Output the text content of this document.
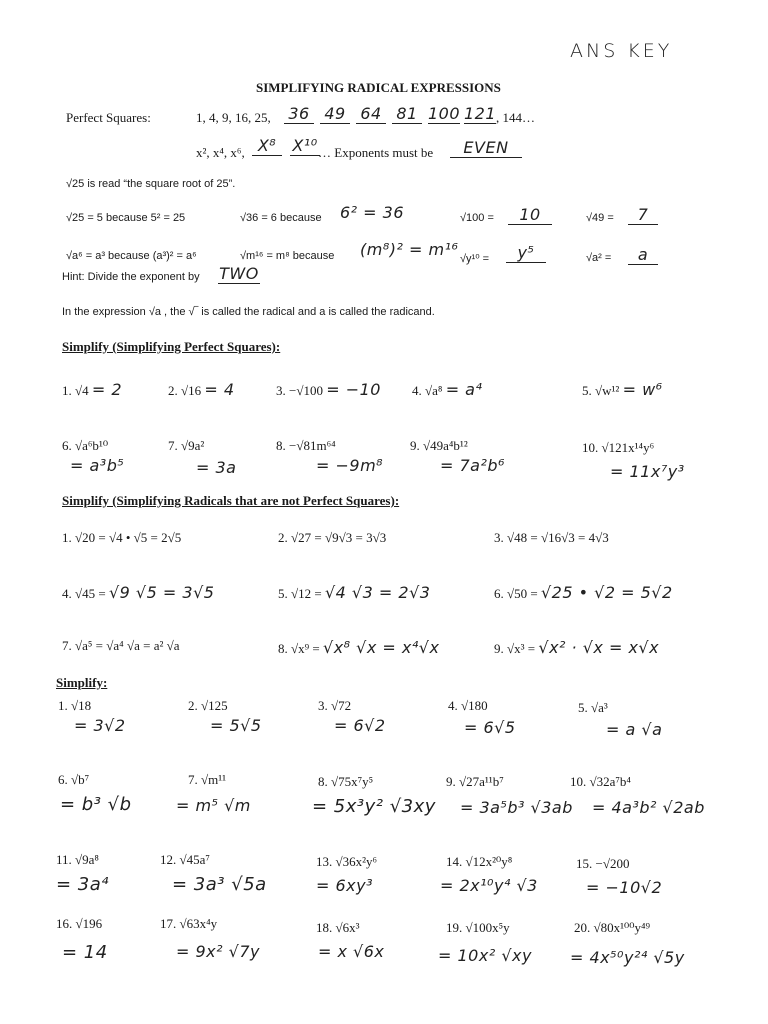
ANS KEY
SIMPLIFYING RADICAL EXPRESSIONS
Perfect Squares:	1, 4, 9, 16, 25, 36 49 64 81 100 121 , 144…
x², x⁴, x⁶, X⁸	X¹⁰ … Exponents must be	EVEN
√25 is read “the square root of 25”.
√25 = 5 because 5² = 25	√36 = 6 because 6² = 36	√100 =	10	√49 =	7
√a⁶ = a³ because (a³)² = a⁶	√m¹⁶ = m⁸ because (m⁸)² = m¹⁶ √y¹⁰ =	y⁵	√a² =	a
Hint: Divide the exponent by TWO
In the expression √a , the √‾ is called the radical and a is called the radicand.
Simplify (Simplifying Perfect Squares):
1. √4 = 2	2. √16 = 4	3. −√100 = −10 4. √a⁸ = a⁴	5. √w¹² = w⁶
6. √a⁶b¹⁰
= a³b⁵
7. √9a²
= 3a
8. −√81m⁶⁴
= −9m⁸
9. √49a⁴b¹²
= 7a²b⁶
10. √121x¹⁴y⁶
= 11x⁷y³
Simplify (Simplifying Radicals that are not Perfect Squares):
1. √20 = √4 • √5 = 2√5	2. √27 = √9√3 = 3√3	3. √48 = √16√3 = 4√3
4. √45 = √9 √5 = 3√5	5. √12 = √4 √3 = 2√3	6. √50 = √25 • √2 = 5√2
7. √a⁵ = √a⁴ √a = a² √a	8. √x⁹ = √x⁸ √x = x⁴√x	9. √x³ = √x² · √x = x√x
Simplify:
1. √18
= 3√2
2. √125
= 5√5
3. √72
= 6√2
4. √180
= 6√5
5. √a³
= a √a
6. √b⁷
= b³ √b
7. √m¹¹
= m⁵ √m
8. √75x⁷y⁵
= 5x³y² √3xy
9. √27a¹¹b⁷
= 3a⁵b³ √3ab
10. √32a⁷b⁴
= 4a³b² √2ab
11. √9a⁸
= 3a⁴
12. √45a⁷
= 3a³ √5a
13. √36x²y⁶
= 6xy³
14. √12x²⁰y⁸
= 2x¹⁰y⁴ √3
15. −√200
= −10√2
16. √196
= 14
17. √63x⁴y
= 9x² √7y
18. √6x³
= x √6x
19. √100x⁵y
= 10x² √xy
20. √80x¹⁰⁰y⁴⁹
= 4x⁵⁰y²⁴ √5y
